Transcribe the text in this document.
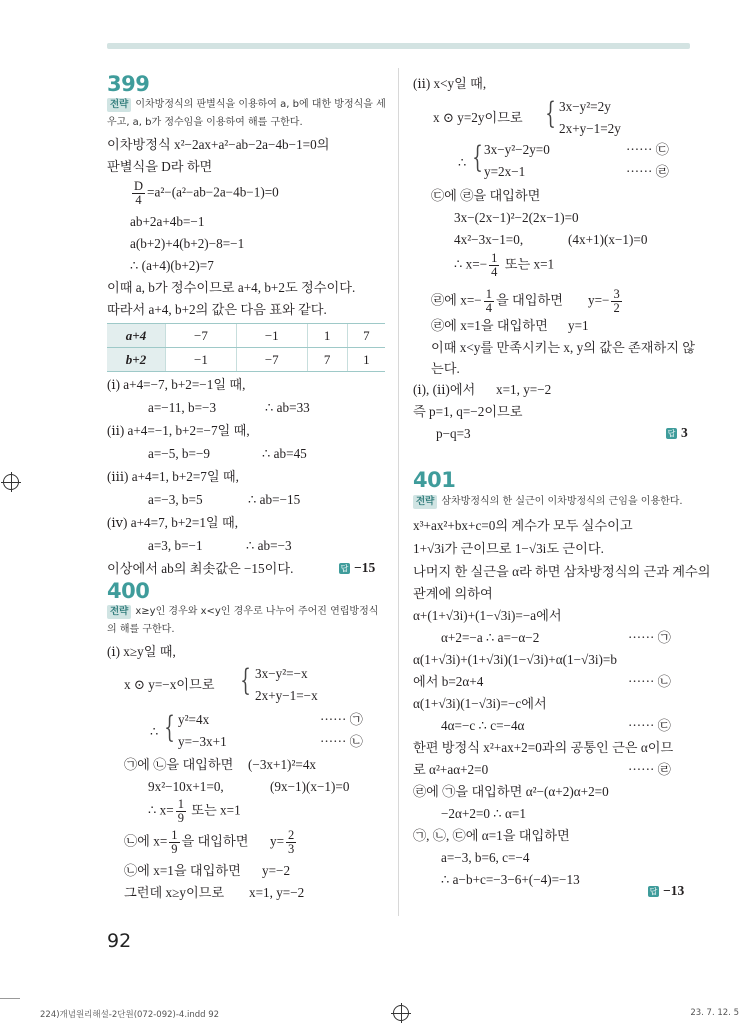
399
전략 이차방정식의 판별식을 이용하여 a, b에 대한 방정식을 세
우고, a, b가 정수임을 이용하여 해를 구한다.
이차방정식 x²−2ax+a²−ab−2a−4b−1=0의
판별식을 D라 하면
$\frac{D}{4} =a^2-(a^2-ab-2a-4b-1)=0$
ab+2a+4b=−1
a(b+2)+4(b+2)−8=−1
∴ (a+4)(b+2)=7
이때 a, b가 정수이므로 a+4, b+2도 정수이다.
따라서 a+4, b+2의 값은 다음 표와 같다.
a+4	−7	−1	1	7
b+2	−1	−7	7	1
(ⅰ) a+4=−7, b+2=−1일 때,
a=−11, b=−3	∴ ab=33
(ⅱ) a+4=−1, b+2=−7일 때,
a=−5, b=−9	∴ ab=45
(ⅲ) a+4=1, b+2=7일 때,
a=−3, b=5	∴ ab=−15
(ⅳ) a+4=7, b+2=1일 때,
a=3, b=−1	∴ ab=−3
이상에서 ab의 최솟값은 −15이다.	답 −15
400
전략 x≥y인 경우와 x<y인 경우로 나누어 주어진 연립방정식
의 해를 구한다.
(ⅰ) x≥y일 때,
x ⊙ y=−x이므로 { 3x−y²=−x
2x+y−1=−x
∴ { y²=4x
y=−3x+1
······ ㉠
······ ㉡
㉠에 ㉡을 대입하면 (−3x+1)²=4x
9x²−10x+1=0,	(9x−1)(x−1)=0
∴ $x= \frac{1}{9}$ 또는 x=1
㉡에 $x= \frac{1}{9}$ 을 대입하면 $y= \frac{2}{3}$
㉡에 x=1을 대입하면 y=−2
그런데 x≥y이므로 x=1, y=−2
(ⅱ) x<y일 때,
x ⊙ y=2y이므로 { 3x−y²=2y
2x+y−1=2y
∴ { 3x−y²−2y=0
y=2x−1
······ ㉢
······ ㉣
㉢에 ㉣을 대입하면
3x−(2x−1)²−2(2x−1)=0
4x²−3x−1=0,	(4x+1)(x−1)=0
∴ $x=- \frac{1}{4}$ 또는 x=1
㉣에 $x=- \frac{1}{4}$ 을 대입하면 $y=- \frac{3}{2}$
㉣에 x=1을 대입하면 y=1
이때 x<y를 만족시키는 x, y의 값은 존재하지 않
는다.
(ⅰ), (ⅱ)에서 x=1, y=−2
즉 p=1, q=−2이므로
p−q=3	답 3
401
전략 삼차방정식의 한 실근이 이차방정식의 근임을 이용한다.
x³+ax²+bx+c=0의 계수가 모두 실수이고
1+√3i가 근이므로 1−√3i도 근이다.
나머지 한 실근을 α라 하면 삼차방정식의 근과 계수의
관계에 의하여
α+(1+√3i)+(1−√3i)=−a에서
α+2=−a ∴ a=−α−2	······ ㉠
α(1+√3i)+(1+√3i)(1−√3i)+α(1−√3i)=b
에서 b=2α+4	······ ㉡
α(1+√3i)(1−√3i)=−c에서
4α=−c ∴ c=−4α	······ ㉢
한편 방정식 x²+ax+2=0과의 공통인 근은 α이므
로 α²+aα+2=0	······ ㉣
㉣에 ㉠을 대입하면 α²−(α+2)α+2=0
−2α+2=0 ∴ α=1
㉠, ㉡, ㉢에 α=1을 대입하면
a=−3, b=6, c=−4
∴ a−b+c=−3−6+(−4)=−13
답 −13
92
224)개념원리해설-2단원(072-092)-4.indd 92	23. 7. 12. 5
